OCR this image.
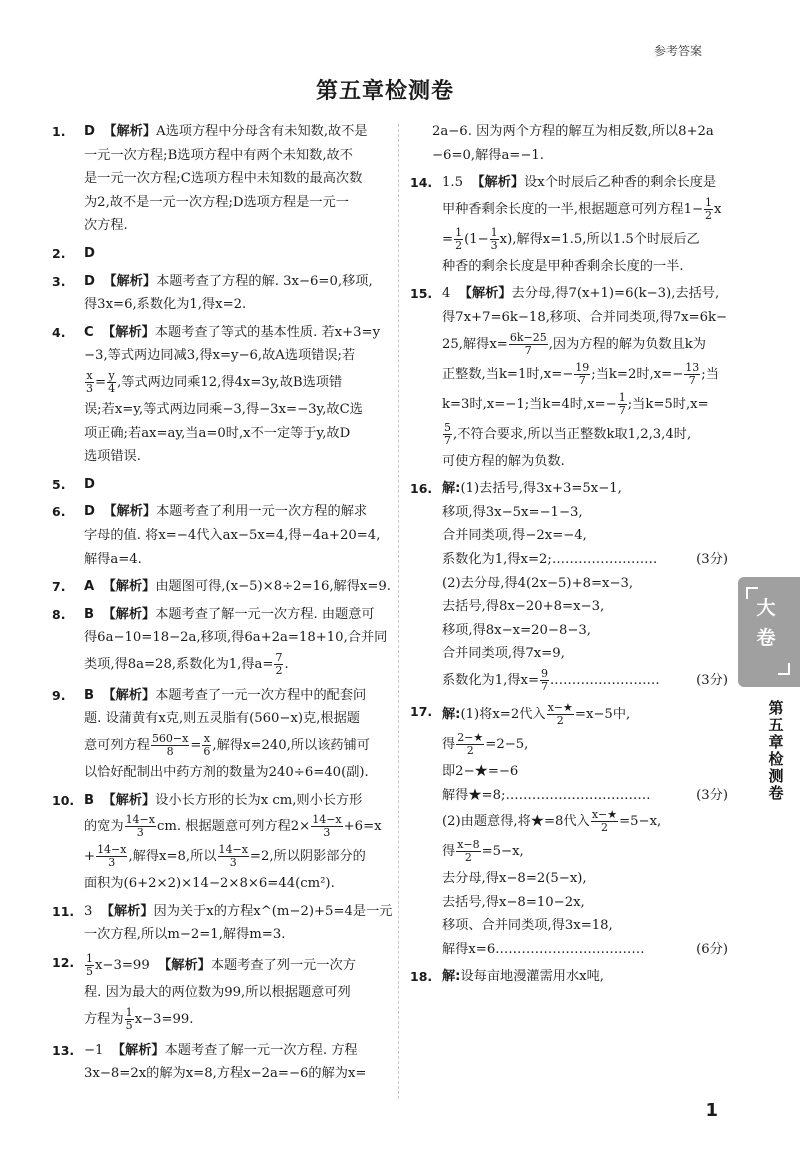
参考答案
第五章检测卷
1. D 【解析】A选项方程中分母含有未知数,故不是
一元一次方程;B选项方程中有两个未知数,故不
是一元一次方程;C选项方程中未知数的最高次数
为2,故不是一元一次方程;D选项方程是一元一
次方程.
2. D
3. D 【解析】本题考查了方程的解. 3x−6=0,移项,
得3x=6,系数化为1,得x=2.
4. C 【解析】本题考查了等式的基本性质. 若x+3=y
−3,等式两边同减3,得x=y−6,故A选项错误;若
$\frac{x}{3} = \frac{y}{4}$ ,等式两边同乘12,得4x=3y,故B选项错
误;若x=y,等式两边同乘−3,得−3x=−3y,故C选
项正确;若ax=ay,当a=0时,x不一定等于y,故D
选项错误.
5. D
6. D 【解析】本题考查了利用一元一次方程的解求
字母的值. 将x=−4代入ax−5x=4,得−4a+20=4,
解得a=4.
7. A 【解析】由题图可得,(x−5)×8÷2=16,解得x=9.
8. B 【解析】本题考查了解一元一次方程. 由题意可
得6a−10=18−2a,移项,得6a+2a=18+10,合并同
类项,得8a=28,系数化为1,得$a= \frac{7}{2}$ .
9. B 【解析】本题考查了一元一次方程中的配套问
题. 设蒲黄有x克,则五灵脂有(560−x)克,根据题
意可列方程 $\frac{560-x}{8} = \frac{x}{6}$ ,解得x=240,所以该药铺可
以恰好配制出中药方剂的数量为240÷6=40(副).
10. B 【解析】设小长方形的长为x cm,则小长方形
的宽为 $\frac{14-x}{3}$ cm. 根据题意可列方程$2\times \frac{14-x}{3} +6=x$
+ $\frac{14-x}{3}$ ,解得x=8,所以 $\frac{14-x}{3} =2$,所以阴影部分的
面积为(6+2×2)×14−2×8×6=44(cm²).
11. 3 【解析】因为关于x的方程x^(m−2)+5=4是一元
一次方程,所以m−2=1,解得m=3.
12. $\frac{1}{5} x-3=99$ 【解析】本题考查了列一元一次方
程. 因为最大的两位数为99,所以根据题意可列
方程为 $\frac{1}{5} x-3=99$.
13. −1 【解析】本题考查了解一元一次方程. 方程
3x−8=2x的解为x=8,方程x−2a=−6的解为x=
2a−6. 因为两个方程的解互为相反数,所以8+2a
−6=0,解得a=−1.
14. 1.5 【解析】设x个时辰后乙种香的剩余长度是
甲种香剩余长度的一半,根据题意可列方程$1- \frac{1}{2}$ x
= $\frac{1}{2} (1- \frac{1}{3} x)$,解得x=1.5,所以1.5个时辰后乙
种香的剩余长度是甲种香剩余长度的一半.
15. 4 【解析】去分母,得7(x+1)=6(k−3),去括号,
得7x+7=6k−18,移项、合并同类项,得7x=6k−
25,解得$x= \frac{6k-25}{7}$ ,因为方程的解为负数且k为
正整数,当k=1时$,x=- \frac{19}{7}$ ;当k=2时$,x=- \frac{13}{7}$ ;当
k=3时,x=−1;当k=4时$,x=- \frac{1}{7}$ ;当k=5时,x=
$\frac{5}{7}$ ,不符合要求,所以当正整数k取1,2,3,4时,
可使方程的解为负数.
16. 解:(1)去括号,得3x+3=5x−1,
移项,得3x−5x=−1−3,
合并同类项,得−2x=−4,
系数化为1,得x=2;……………………	(3分)
(2)去分母,得4(2x−5)+8=x−3,
去括号,得8x−20+8=x−3,
移项,得8x−x=20−8−3,
合并同类项,得7x=9,
系数化为1,得$x= \frac{9}{7}$ .……………………	(3分)
17. 解:(1)将x=2代入 $\frac{x-★}{2} =x-5$中,
得 $\frac{2-★}{2} =2-5$,
即2−★=−6
解得★=8;……………………………	(3分)
(2)由题意得,将★=8代入 $\frac{x-★}{2} =5-x$,
得 $\frac{x-8}{2} =5-x$,
去分母,得x−8=2(5−x),
去括号,得x−8=10−2x,
移项、合并同类项,得3x=18,
解得x=6.……………………………	(6分)
18. 解:设每亩地漫灌需用水x吨,
大
卷
第
五
章
检
测
卷
1
